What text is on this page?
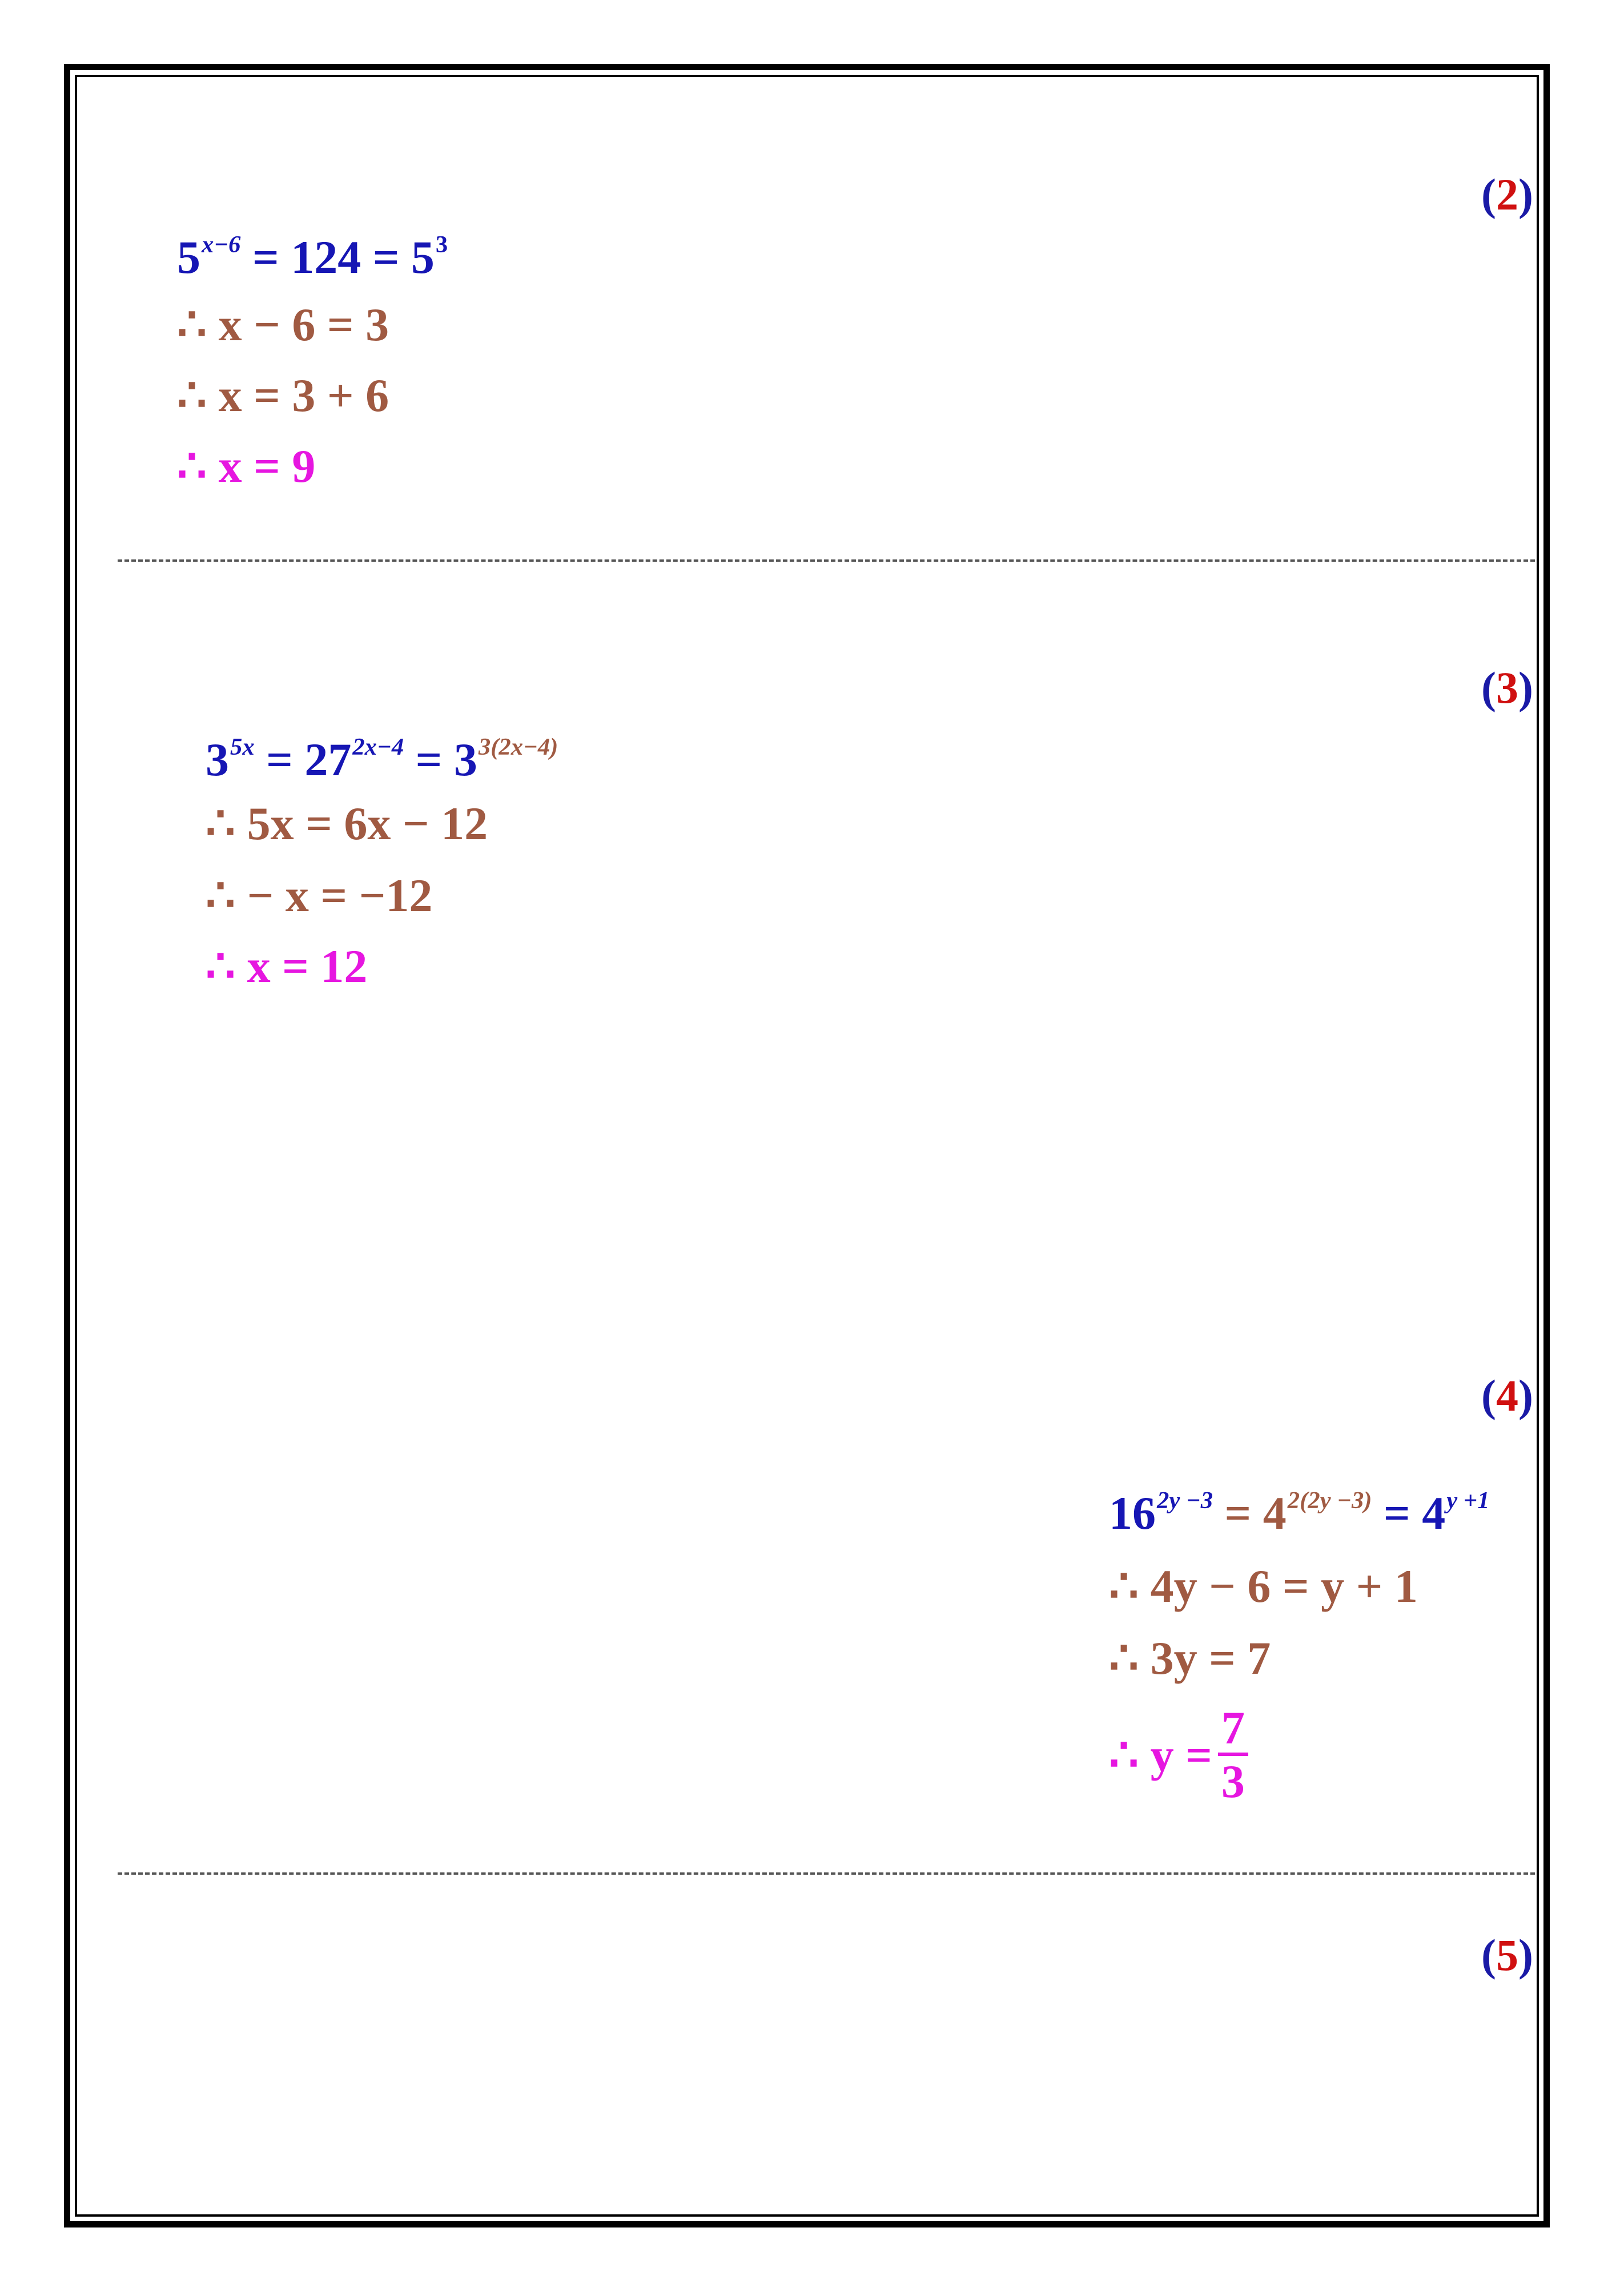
(2)
$5^{x-6} = 124 = 5^3$
∴ x − 6 = 3
∴ x = 3 + 6
∴ x = 9
(3)
$3^{5x} = 27^{2x-4} = 3^{3(2x-4)}$
∴ 5x = 6x − 12
∴ − x = −12
∴ x = 12
(4)
$16^{2y -3} = 4^{2(2y -3)} = 4^{y +1}$
∴ 4y − 6 = y + 1
∴ 3y = 7
∴ $y = \frac{7}{3}$
(5)
